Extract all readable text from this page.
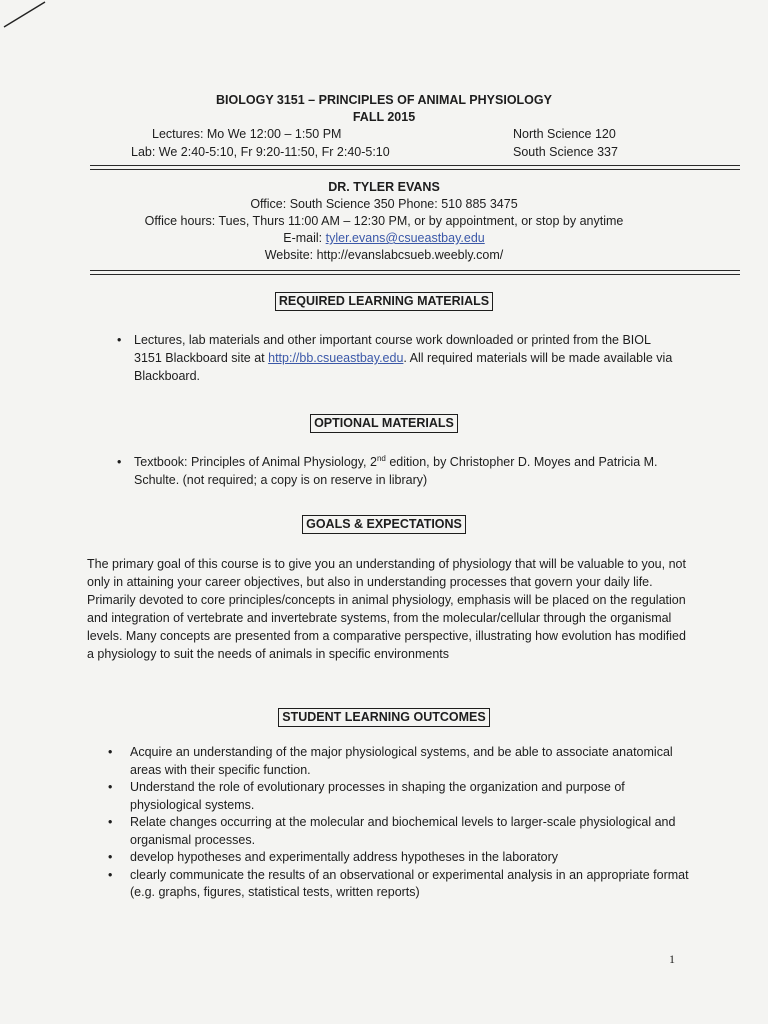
BIOLOGY 3151 – PRINCIPLES OF ANIMAL PHYSIOLOGY
FALL 2015
Lectures: Mo We 12:00 – 1:50 PM	North Science 120
Lab: We 2:40-5:10, Fr 9:20-11:50, Fr 2:40-5:10	South Science 337
DR. TYLER EVANS
Office: South Science 350 Phone: 510 885 3475
Office hours: Tues, Thurs 11:00 AM – 12:30 PM, or by appointment, or stop by anytime
E-mail: tyler.evans@csueastbay.edu
Website: http://evanslabcsueb.weebly.com/
REQUIRED LEARNING MATERIALS
• Lectures, lab materials and other important course work downloaded or printed from the BIOL 3151 Blackboard site at http://bb.csueastbay.edu. All required materials will be made available via Blackboard.
OPTIONAL MATERIALS
• Textbook: Principles of Animal Physiology, 2nd edition, by Christopher D. Moyes and Patricia M. Schulte. (not required; a copy is on reserve in library)
GOALS & EXPECTATIONS
The primary goal of this course is to give you an understanding of physiology that will be valuable to you, not only in attaining your career objectives, but also in understanding processes that govern your daily life. Primarily devoted to core principles/concepts in animal physiology, emphasis will be placed on the regulation and integration of vertebrate and invertebrate systems, from the molecular/cellular through the organismal levels. Many concepts are presented from a comparative perspective, illustrating how evolution has modified a physiology to suit the needs of animals in specific environments
STUDENT LEARNING OUTCOMES
• Acquire an understanding of the major physiological systems, and be able to associate anatomical areas with their specific function.
• Understand the role of evolutionary processes in shaping the organization and purpose of physiological systems.
• Relate changes occurring at the molecular and biochemical levels to larger-scale physiological and organismal processes.
• develop hypotheses and experimentally address hypotheses in the laboratory
• clearly communicate the results of an observational or experimental analysis in an appropriate format (e.g. graphs, figures, statistical tests, written reports)
1
